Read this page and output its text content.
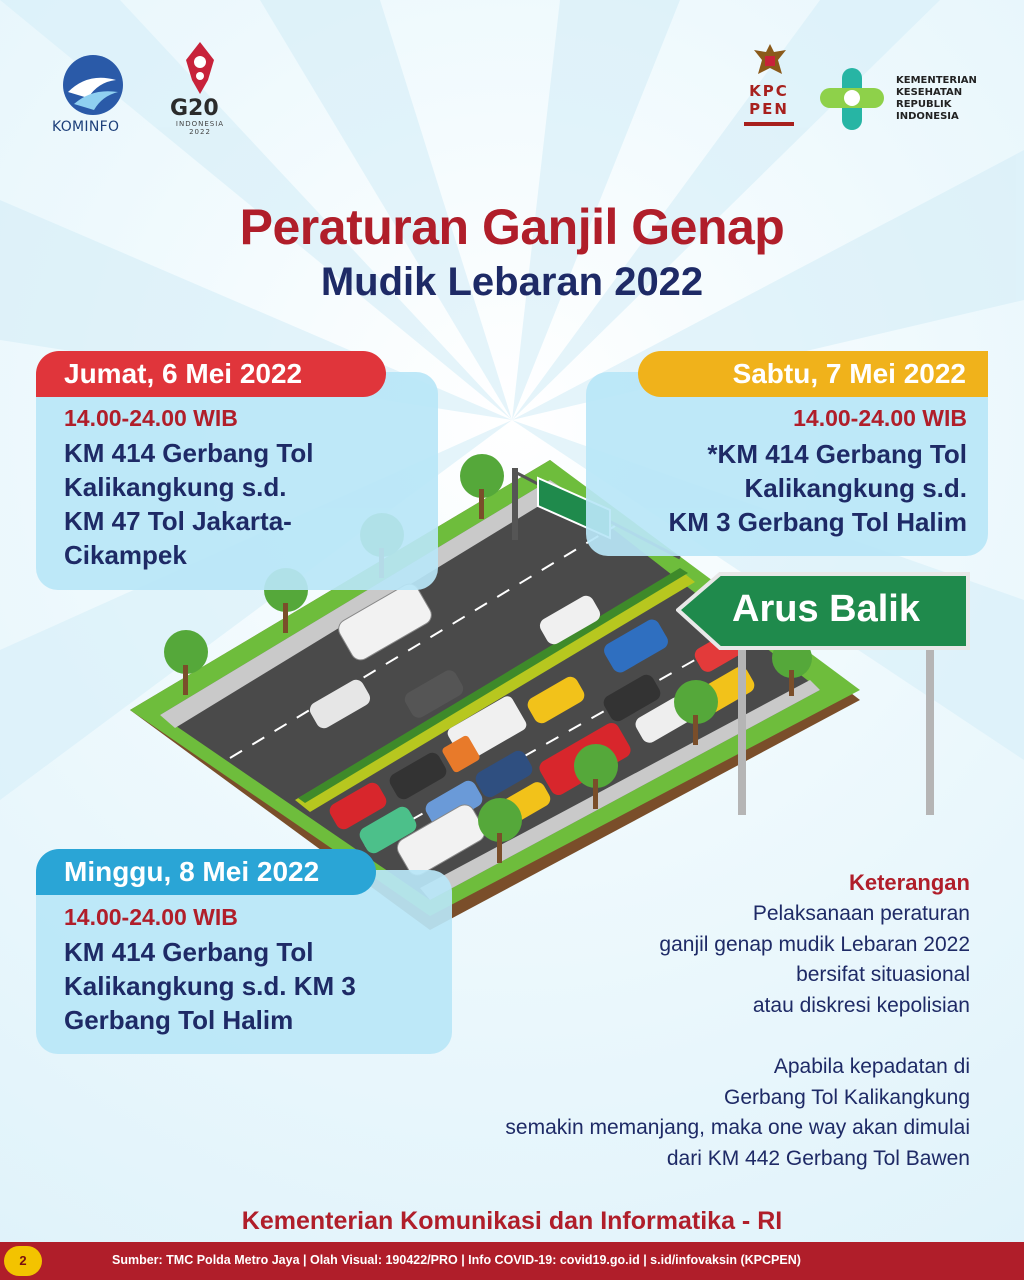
KOMINFO
G20
INDONESIA 2022
KPC PEN
KEMENTERIAN KESEHATAN REPUBLIK INDONESIA
Peraturan Ganjil Genap
Mudik Lebaran 2022
Arus Balik
Jumat, 6 Mei 2022
14.00-24.00 WIB
KM 414 Gerbang Tol
Kalikangkung s.d.
KM 47 Tol Jakarta-
Cikampek
Sabtu, 7 Mei 2022
14.00-24.00 WIB
*KM 414 Gerbang Tol
Kalikangkung s.d.
KM 3 Gerbang Tol Halim
Minggu, 8 Mei 2022
14.00-24.00 WIB
KM 414 Gerbang Tol
Kalikangkung s.d. KM 3
Gerbang Tol Halim
Keterangan
Pelaksanaan peraturan
ganjil genap mudik Lebaran 2022
bersifat situasional
atau diskresi kepolisian
Apabila kepadatan di
Gerbang Tol Kalikangkung
semakin memanjang, maka one way akan dimulai
dari KM 442 Gerbang Tol Bawen
Kementerian Komunikasi dan Informatika - RI
2	Sumber: TMC Polda Metro Jaya | Olah Visual: 190422/PRO | Info COVID-19: covid19.go.id | s.id/infovaksin (KPCPEN)
